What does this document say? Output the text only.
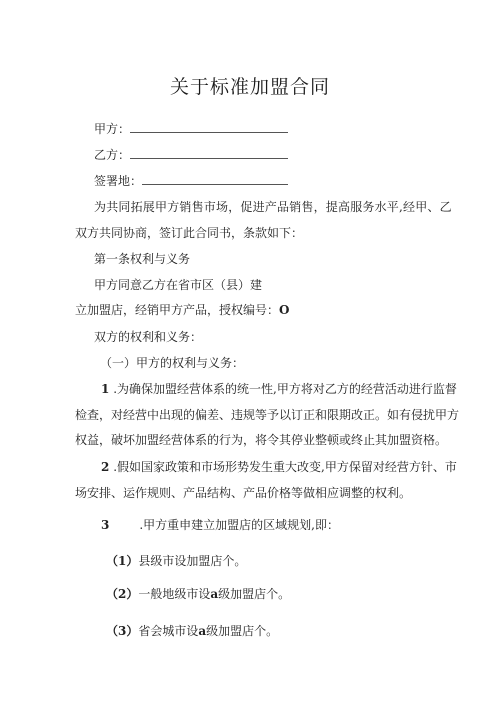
关于标准加盟合同
甲方：
乙方：
签署地：
为共同拓展甲方销售市场，促进产品销售，提高服务水平,经甲、乙
双方共同协商，签订此合同书，条款如下：
第一条权利与义务
甲方同意乙方在省市区（县）建
立加盟店，经销甲方产品，授权编号：O
双方的权利和义务：
（一）甲方的权利与义务：
1 .为确保加盟经营体系的统一性,甲方将对乙方的经营活动进行监督
检查，对经营中出现的偏差、违规等予以订正和限期改正。如有侵扰甲方
权益，破坏加盟经营体系的行为，将令其停业整顿或终止其加盟资格。
2 .假如国家政策和市场形势发生重大改变,甲方保留对经营方针、市
场安排、运作规则、产品结构、产品价格等做相应调整的权利。
3	.甲方重申建立加盟店的区域规划,即：
（1）县级市设加盟店个。
（2）一般地级市设a级加盟店个。
（3）省会城市设a级加盟店个。
